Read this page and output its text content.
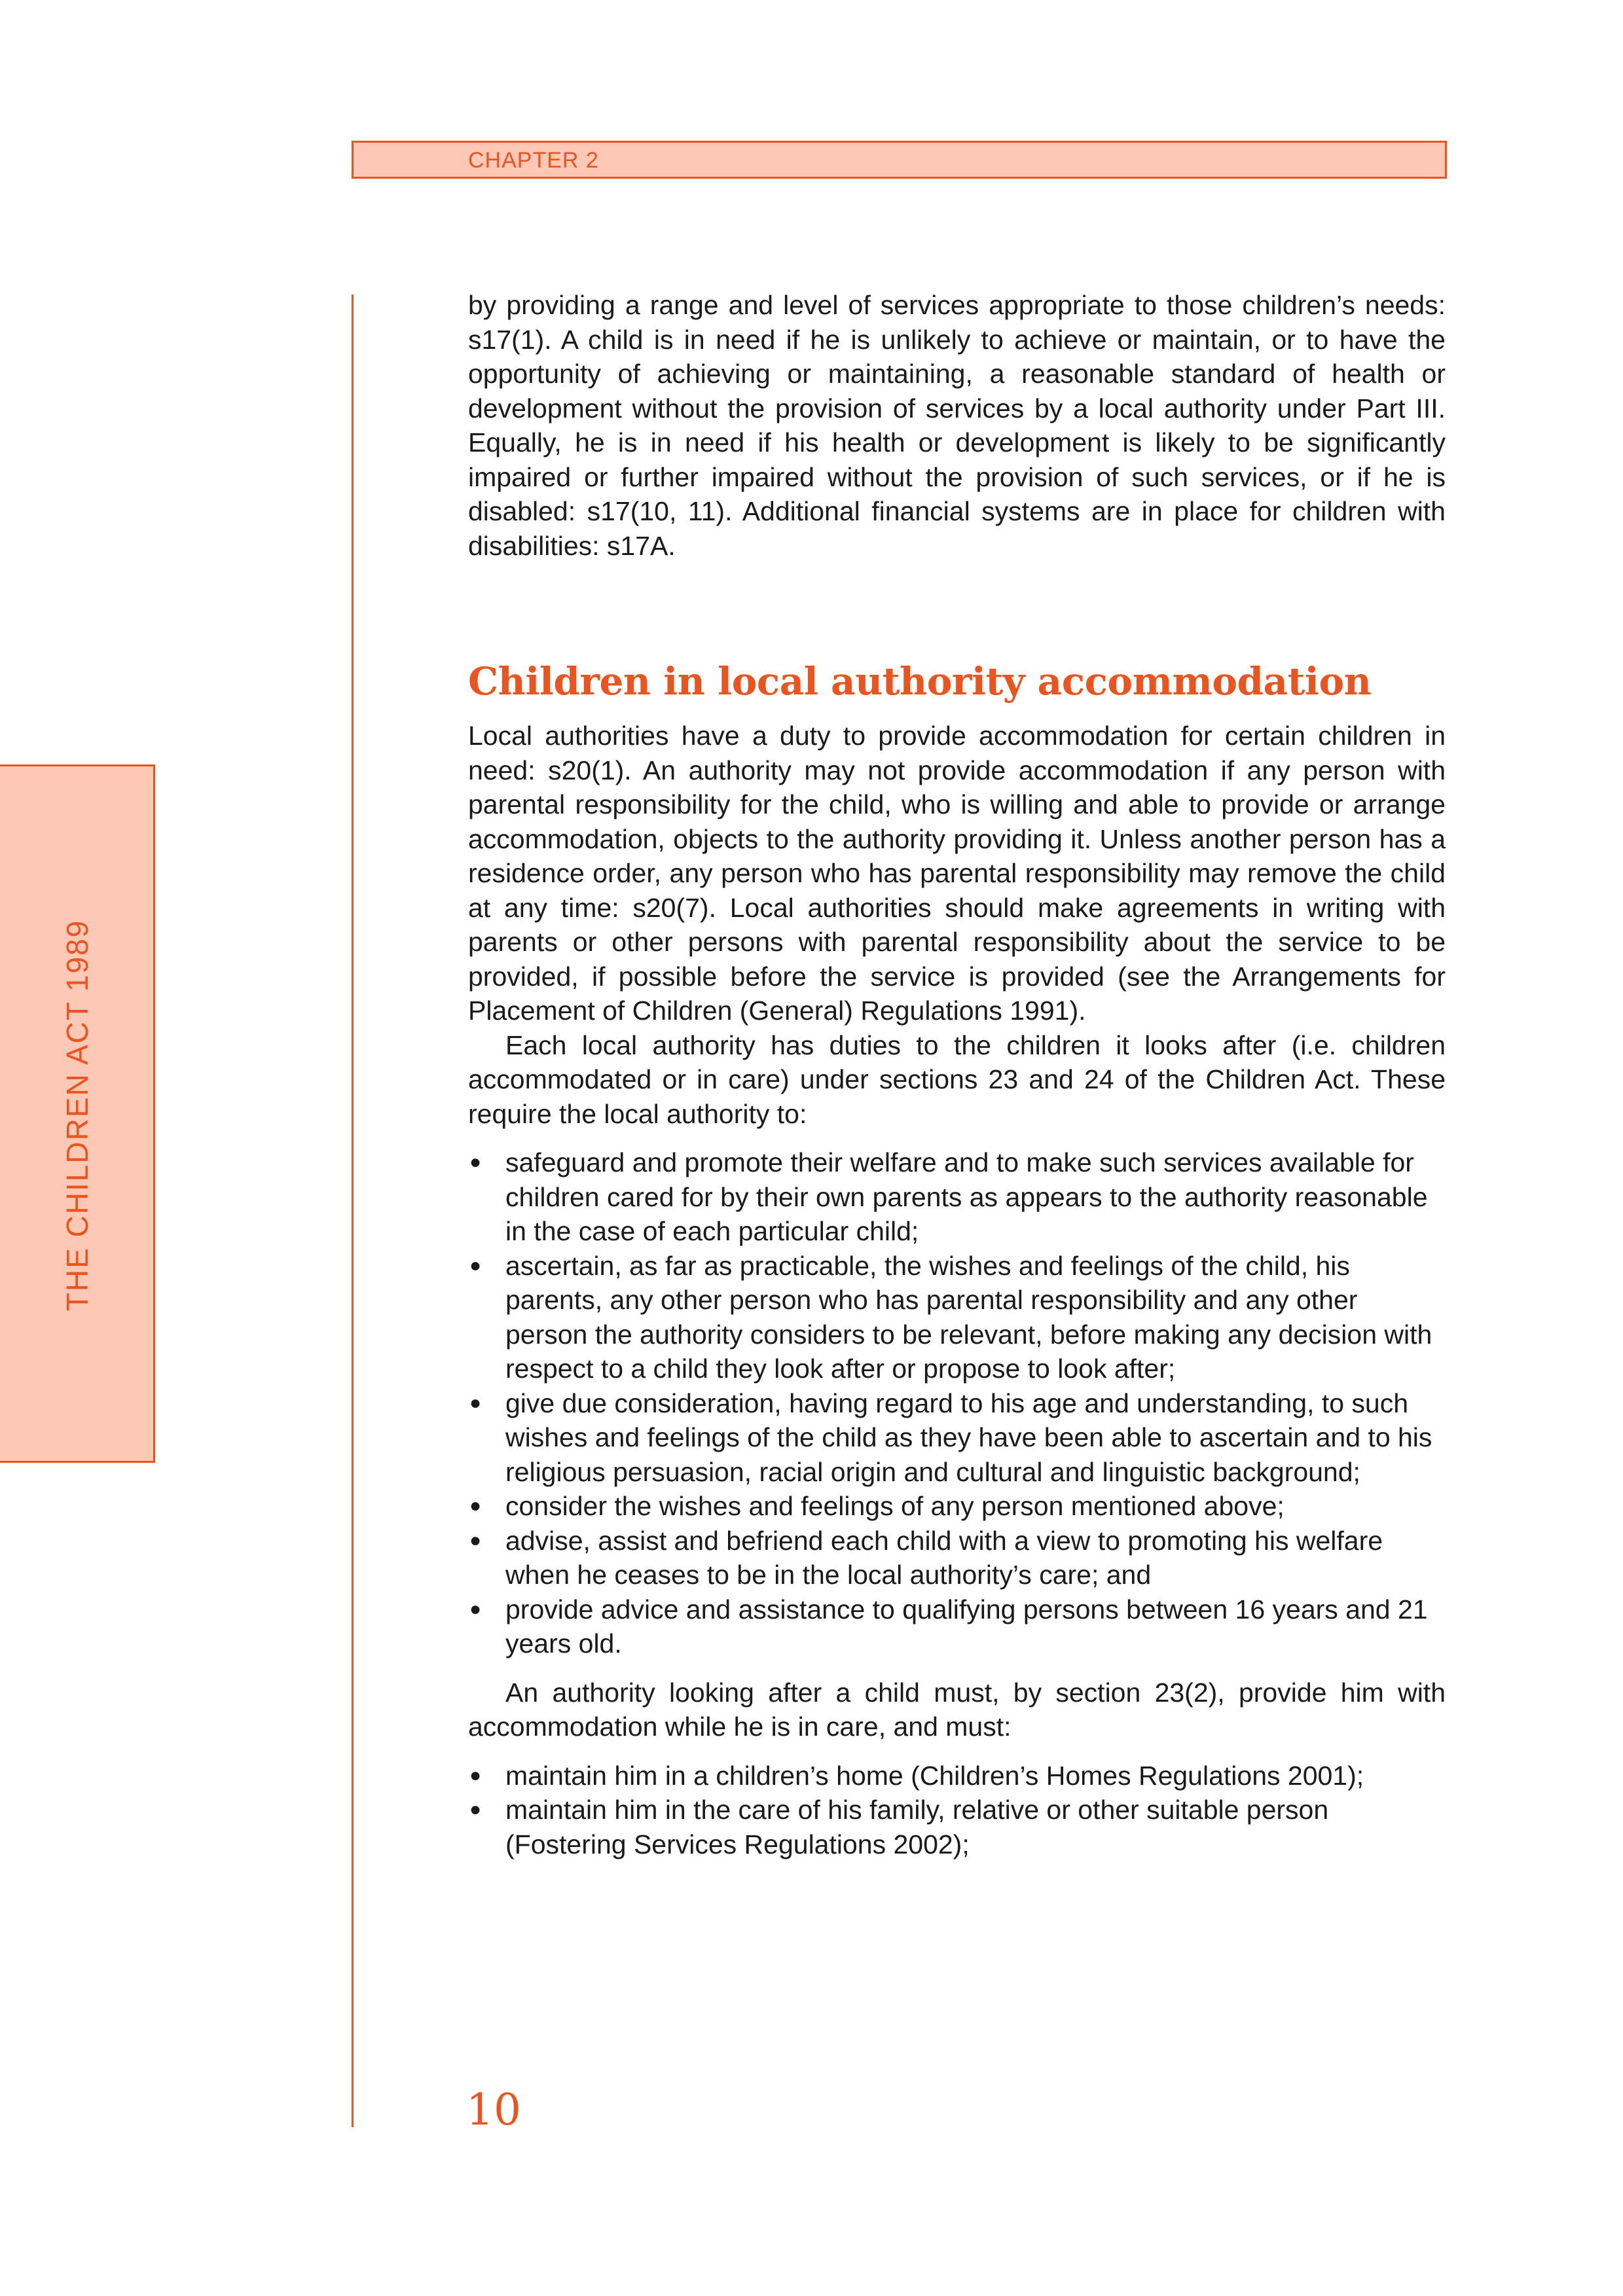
CHAPTER 2
THE CHILDREN ACT 1989

by providing a range and level of services appropriate to those children’s needs: s17(1). A child is in need if he is unlikely to achieve or maintain, or to have the opportunity of achieving or maintaining, a reasonable standard of health or development without the provision of services by a local authority under Part III. Equally, he is in need if his health or development is likely to be significantly impaired or further impaired without the provision of such services, or if he is disabled: s17(10, 11). Additional financial systems are in place for children with disabilities: s17A.

Children in local authority accommodation

Local authorities have a duty to provide accommodation for certain children in need: s20(1). An authority may not provide accommodation if any person with parental responsibility for the child, who is willing and able to provide or arrange accommodation, objects to the authority providing it. Unless another person has a residence order, any person who has parental responsibility may remove the child at any time: s20(7). Local authorities should make agreements in writing with parents or other persons with parental responsibility about the service to be provided, if possible before the service is provided (see the Arrangements for Placement of Children (General) Regulations 1991).

Each local authority has duties to the children it looks after (i.e. children accommodated or in care) under sections 23 and 24 of the Children Act. These require the local authority to:

● safeguard and promote their welfare and to make such services available for children cared for by their own parents as appears to the authority reasonable in the case of each particular child;
● ascertain, as far as practicable, the wishes and feelings of the child, his parents, any other person who has parental responsibility and any other person the authority considers to be relevant, before making any decision with respect to a child they look after or propose to look after;
● give due consideration, having regard to his age and understanding, to such wishes and feelings of the child as they have been able to ascertain and to his religious persuasion, racial origin and cultural and linguistic background;
● consider the wishes and feelings of any person mentioned above;
● advise, assist and befriend each child with a view to promoting his welfare when he ceases to be in the local authority’s care; and
● provide advice and assistance to qualifying persons between 16 years and 21 years old.

An authority looking after a child must, by section 23(2), provide him with accommodation while he is in care, and must:

● maintain him in a children’s home (Children’s Homes Regulations 2001);
● maintain him in the care of his family, relative or other suitable person (Fostering Services Regulations 2002);
10
